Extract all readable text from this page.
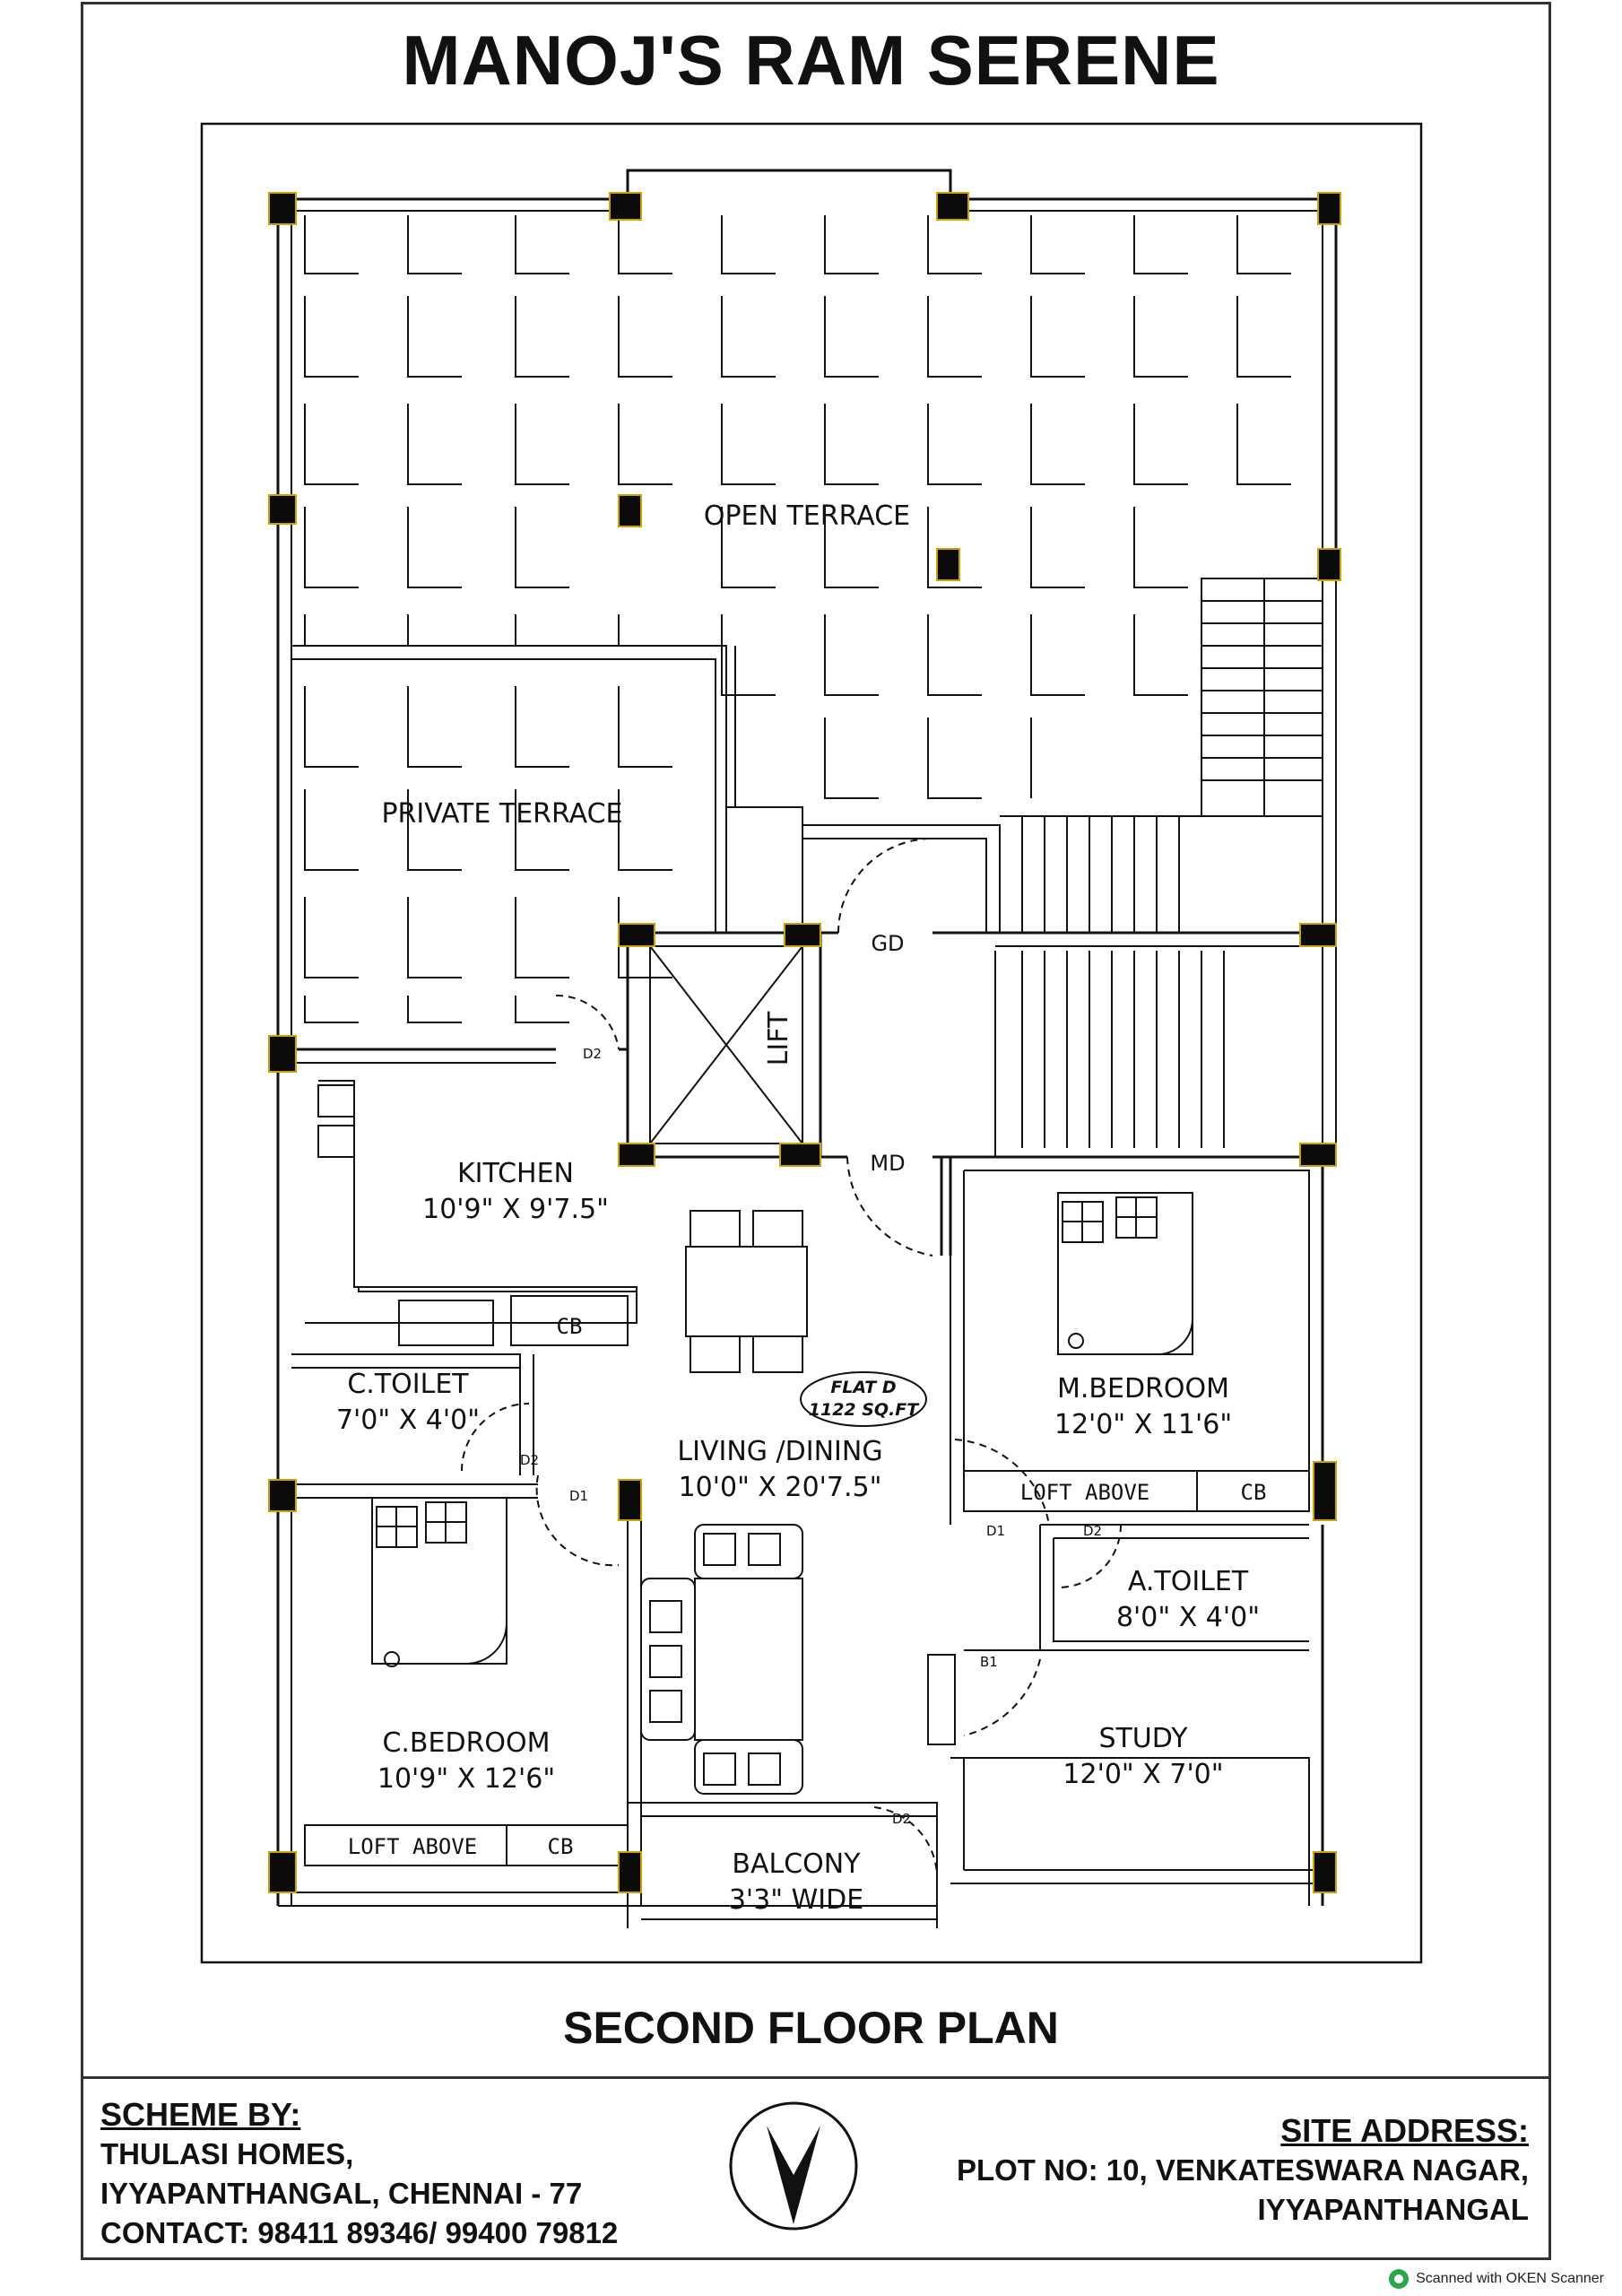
MANOJ'S RAM SERENE
OPEN TERRACE
PRIVATE TERRACE
LIFT
GD
MD
KITCHEN
10'9" X 9'7.5"
C.TOILET
7'0" X 4'0"
LIVING /DINING
10'0" X 20'7.5"
FLAT D
1122 SQ.FT
M.BEDROOM
12'0" X 11'6"
LOFT ABOVE	CB
A.TOILET
8'0" X 4'0"
C.BEDROOM
10'9" X 12'6"
LOFT ABOVE	CB
CB
STUDY
12'0" X 7'0"
BALCONY
3'3" WIDE
D2
D2
D1
D1	D2
B1
D2
SECOND FLOOR PLAN
SCHEME BY:
THULASI HOMES,
IYYAPANTHANGAL, CHENNAI - 77
CONTACT: 98411 89346/ 99400 79812
SITE ADDRESS:
PLOT NO: 10, VENKATESWARA NAGAR,
IYYAPANTHANGAL
Scanned with OKEN Scanner
